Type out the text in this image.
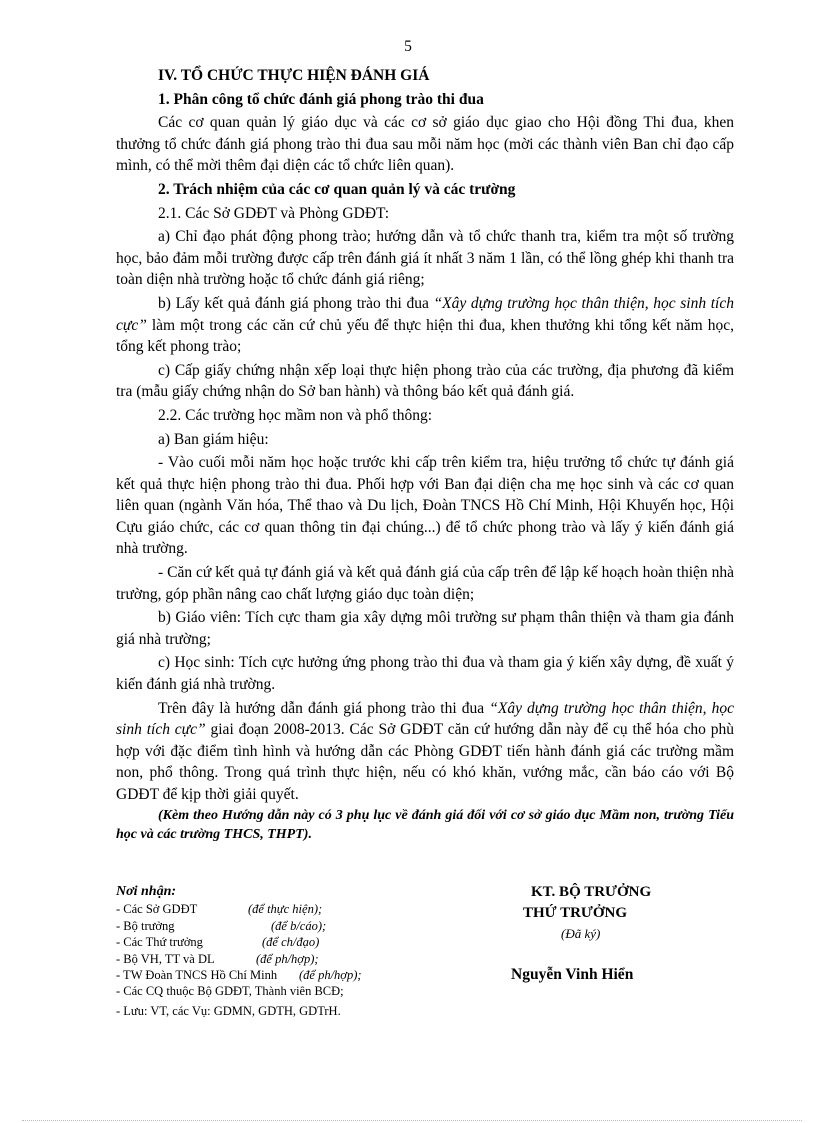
5

IV. TỔ CHỨC THỰC HIỆN ĐÁNH GIÁ

1. Phân công tổ chức đánh giá phong trào thi đua

Các cơ quan quản lý giáo dục và các cơ sở giáo dục giao cho Hội đồng Thi đua, khen thưởng tổ chức đánh giá phong trào thi đua sau mỗi năm học (mời các thành viên Ban chỉ đạo cấp mình, có thể mời thêm đại diện các tổ chức liên quan).

2. Trách nhiệm của các cơ quan quản lý và các trường

2.1. Các Sở GDĐT và Phòng GDĐT:

a) Chỉ đạo phát động phong trào; hướng dẫn và tổ chức thanh tra, kiểm tra một số trường học, bảo đảm mỗi trường được cấp trên đánh giá ít nhất 3 năm 1 lần, có thể lồng ghép khi thanh tra toàn diện nhà trường hoặc tổ chức đánh giá riêng;

b) Lấy kết quả đánh giá phong trào thi đua “Xây dựng trường học thân thiện, học sinh tích cực” làm một trong các căn cứ chủ yếu để thực hiện thi đua, khen thưởng khi tổng kết năm học, tổng kết phong trào;

c) Cấp giấy chứng nhận xếp loại thực hiện phong trào của các trường, địa phương đã kiểm tra (mẫu giấy chứng nhận do Sở ban hành) và thông báo kết quả đánh giá.

2.2. Các trường học mầm non và phổ thông:

a) Ban giám hiệu:

- Vào cuối mỗi năm học hoặc trước khi cấp trên kiểm tra, hiệu trưởng tổ chức tự đánh giá kết quả thực hiện phong trào thi đua. Phối hợp với Ban đại diện cha mẹ học sinh và các cơ quan liên quan (ngành Văn hóa, Thể thao và Du lịch, Đoàn TNCS Hồ Chí Minh, Hội Khuyến học, Hội Cựu giáo chức, các cơ quan thông tin đại chúng...) để tổ chức phong trào và lấy ý kiến đánh giá nhà trường.

- Căn cứ kết quả tự đánh giá và kết quả đánh giá của cấp trên để lập kế hoạch hoàn thiện nhà trường, góp phần nâng cao chất lượng giáo dục toàn diện;

b) Giáo viên: Tích cực tham gia xây dựng môi trường sư phạm thân thiện và tham gia đánh giá nhà trường;

c) Học sinh: Tích cực hưởng ứng phong trào thi đua và tham gia ý kiến xây dựng, đề xuất ý kiến đánh giá nhà trường.

Trên đây là hướng dẫn đánh giá phong trào thi đua “Xây dựng trường học thân thiện, học sinh tích cực” giai đoạn 2008-2013. Các Sở GDĐT căn cứ hướng dẫn này để cụ thể hóa cho phù hợp với đặc điểm tình hình và hướng dẫn các Phòng GDĐT tiến hành đánh giá các trường mầm non, phổ thông. Trong quá trình thực hiện, nếu có khó khăn, vướng mắc, cần báo cáo với Bộ GDĐT để kịp thời giải quyết.

(Kèm theo Hướng dẫn này có 3 phụ lục về đánh giá đối với cơ sở giáo dục Mầm non, trường Tiểu học và các trường THCS, THPT).

Nơi nhận:
- Các Sở GDĐT	(để thực hiện);
- Bộ trưởng	(để b/cáo);
- Các Thứ trưởng	(để ch/đạo)
- Bộ VH, TT và DL	(để ph/hợp);
- TW Đoàn TNCS Hồ Chí Minh (để ph/hợp);
- Các CQ thuộc Bộ GDĐT, Thành viên BCĐ;
- Lưu: VT, các Vụ: GDMN, GDTH, GDTrH.
KT. BỘ TRƯỞNG
THỨ TRƯỞNG
(Đã ký)
Nguyễn Vinh Hiển
